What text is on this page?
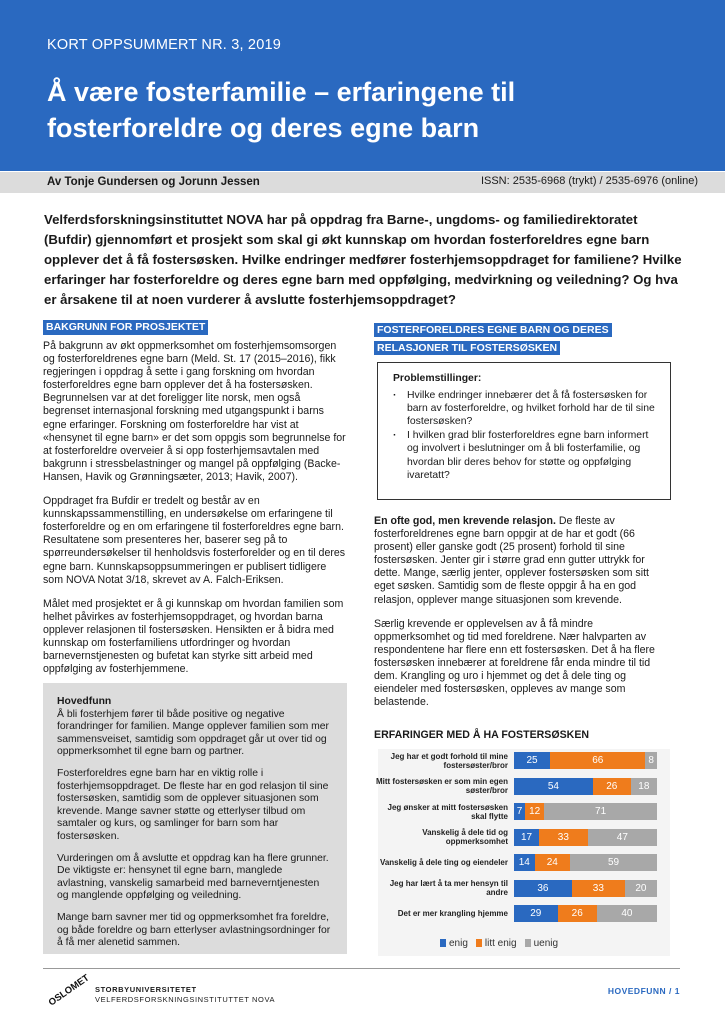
KORT OPPSUMMERT NR. 3, 2019
Å være fosterfamilie – erfaringene til fosterforeldre og deres egne barn
Av Tonje Gundersen og Jorunn Jessen	ISSN: 2535-6968 (trykt) / 2535-6976 (online)

Velferdsforskningsinstituttet NOVA har på oppdrag fra Barne-, ungdoms- og familiedirektoratet (Bufdir) gjennomført et prosjekt som skal gi økt kunnskap om hvordan fosterforeldres egne barn opplever det å få fostersøsken. Hvilke endringer medfører fosterhjemsoppdraget for familiene? Hvilke erfaringer har fosterforeldre og deres egne barn med oppfølging, medvirkning og veiledning? Og hva er årsakene til at noen vurderer å avslutte fosterhjemsoppdraget?

BAKGRUNN FOR PROSJEKTET

På bakgrunn av økt oppmerksomhet om fosterhjemsomsorgen og fosterforeldrenes egne barn (Meld. St. 17 (2015–2016), fikk regjeringen i oppdrag å sette i gang forskning om hvordan fosterforeldres egne barn opplever det å ha fostersøsken. Begrunnelsen var at det foreligger lite norsk, men også begrenset internasjonal forskning med utgangspunkt i barns egne erfaringer. Forskning om fosterforeldre har vist at «hensynet til egne barn» er det som oppgis som begrunnelse for at fosterforeldre overveier å si opp fosterhjemsavtalen med bakgrunn i stressbelastninger og mangel på oppfølging (Backe-Hansen, Havik og Grønningsæter, 2013; Havik, 2007).

Oppdraget fra Bufdir er tredelt og består av en kunnskapssammenstilling, en undersøkelse om erfaringene til fosterforeldre og en om erfaringene til fosterforeldres egne barn. Resultatene som presenteres her, baserer seg på to spørreundersøkelser til henholdsvis fosterforelder og en til deres egne barn. Kunnskapsoppsummeringen er publisert tidligere som NOVA Notat 3/18, skrevet av A. Falch-Eriksen.

Målet med prosjektet er å gi kunnskap om hvordan familien som helhet påvirkes av fosterhjemsoppdraget, og hvordan barna opplever relasjonen til fostersøsken. Hensikten er å bidra med kunnskap om fosterfamiliens utfordringer og hvordan barnevernstjenesten og bufetat kan styrke sitt arbeid med oppfølging av fosterhjemmene.

Hovedfunn

Å bli fosterhjem fører til både positive og negative forandringer for familien. Mange opplever familien som mer sammensveiset, samtidig som oppdraget går ut over tid og oppmerksomhet til egne barn og partner.

Fosterforeldres egne barn har en viktig rolle i fosterhjemsoppdraget. De fleste har en god relasjon til sine fostersøsken, samtidig som de opplever situasjonen som krevende. Mange savner støtte og etterlyser tilbud om samtaler og kurs, og samlinger for barn som har fostersøsken.

Vurderingen om å avslutte et oppdrag kan ha flere grunner. De viktigste er: hensynet til egne barn, manglede avlastning, vanskelig samarbeid med barneverntjenesten og manglende oppfølging og veiledning.

Mange barn savner mer tid og oppmerksomhet fra foreldre, og både foreldre og barn etterlyser avlastningsordninger for å få mer alenetid sammen.

FOSTERFORELDRES EGNE BARN OG DERES
RELASJONER TIL FOSTERSØSKEN
Problemstillinger:
· Hvilke endringer innebærer det å få fostersøsken for barn av fosterforeldre, og hvilket forhold har de til sine fostersøsken?
· I hvilken grad blir fosterforeldres egne barn informert og involvert i beslutninger om å bli fosterfamilie, og hvordan blir deres behov for støtte og oppfølging ivaretatt?

En ofte god, men krevende relasjon. De fleste av fosterforeldrenes egne barn oppgir at de har et godt (66 prosent) eller ganske godt (25 prosent) forhold til sine fostersøsken. Jenter gir i større grad enn gutter uttrykk for dette. Mange, særlig jenter, opplever fostersøsken som sitt eget søsken. Samtidig som de fleste oppgir å ha en god relasjon, opplever mange situasjonen som krevende.

Særlig krevende er opplevelsen av å få mindre oppmerksomhet og tid med foreldrene. Nær halvparten av respondentene har flere enn ett fostersøsken. Det å ha flere fostersøsken innebærer at foreldrene får enda mindre til tid dem. Krangling og uro i hjemmet og det å dele ting og eiendeler med fostersøsken, oppleves av mange som belastende.

ERFARINGER MED Å HA FOSTERSØSKEN
Jeg har et godt forhold til mine fostersøster/bror	25	66	8
Mitt fostersøsken er som min egen søster/bror	54	26	18
Jeg ønsker at mitt fostersøsken skal flytte 7 12	71
Vanskelig å dele tid og oppmerksomhet	17	33	47
Vanskelig å dele ting og eiendeler	14	24	59
Jeg har lært å ta mer hensyn til andre	36	33	20
Det er mer krangling hjemme	29	26	40
enig litt enig uenig
OSLOMET STORBYUNIVERSITETET
VELFERDSFORSKNINGSINSTITUTTET NOVA
HOVEDFUNN / 1
